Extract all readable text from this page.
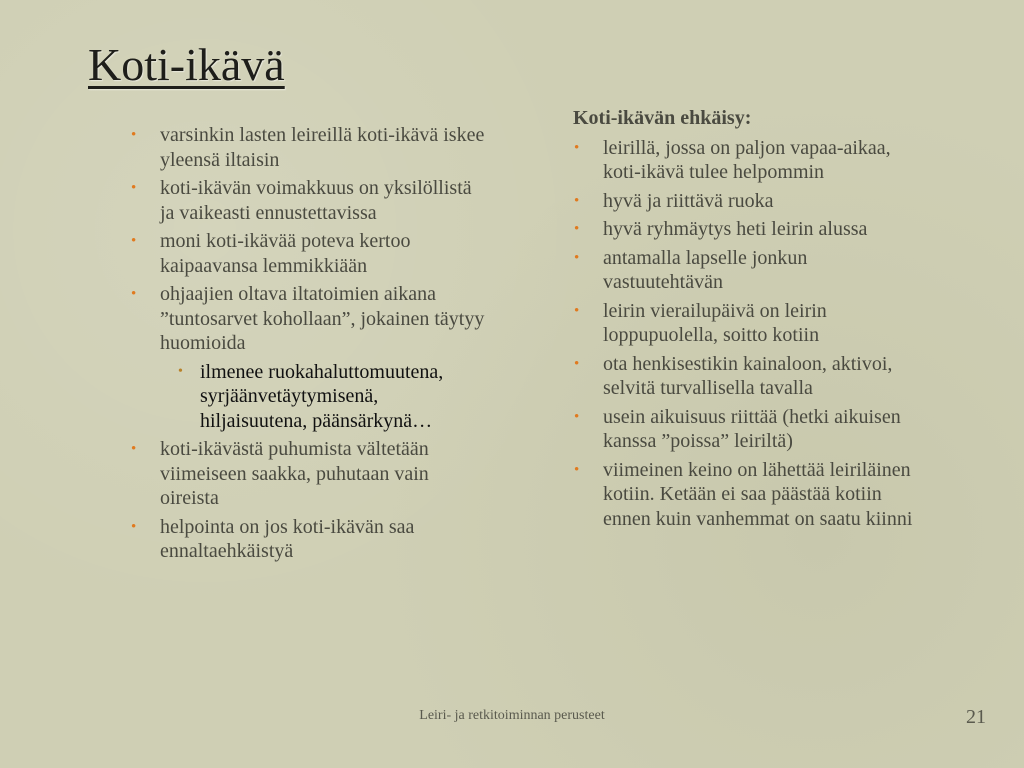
Koti-ikävä
• varsinkin lasten leireillä koti-ikävä iskee yleensä iltaisin
• koti-ikävän voimakkuus on yksilöllistä ja vaikeasti ennustettavissa
• moni koti-ikävää poteva kertoo kaipaavansa lemmikkiään
• ohjaajien oltava iltatoimien aikana ”tuntosarvet kohollaan”, jokainen täytyy huomioida
• ilmenee ruokahaluttomuutena, syrjäänvetäytymisenä, hiljaisuutena, päänsärkynä…
• koti-ikävästä puhumista vältetään viimeiseen saakka, puhutaan vain oireista
• helpointa on jos koti-ikävän saa ennaltaehkäistyä

Koti-ikävän ehkäisy:

• leirillä, jossa on paljon vapaa-aikaa, koti-ikävä tulee helpommin
• hyvä ja riittävä ruoka
• hyvä ryhmäytys heti leirin alussa
• antamalla lapselle jonkun vastuutehtävän
• leirin vierailupäivä on leirin loppupuolella, soitto kotiin
• ota henkisestikin kainaloon, aktivoi, selvitä turvallisella tavalla
• usein aikuisuus riittää (hetki aikuisen kanssa ”poissa” leiriltä)
• viimeinen keino on lähettää leiriläinen kotiin. Ketään ei saa päästää kotiin ennen kuin vanhemmat on saatu kiinni
Leiri- ja retkitoiminnan perusteet	21
